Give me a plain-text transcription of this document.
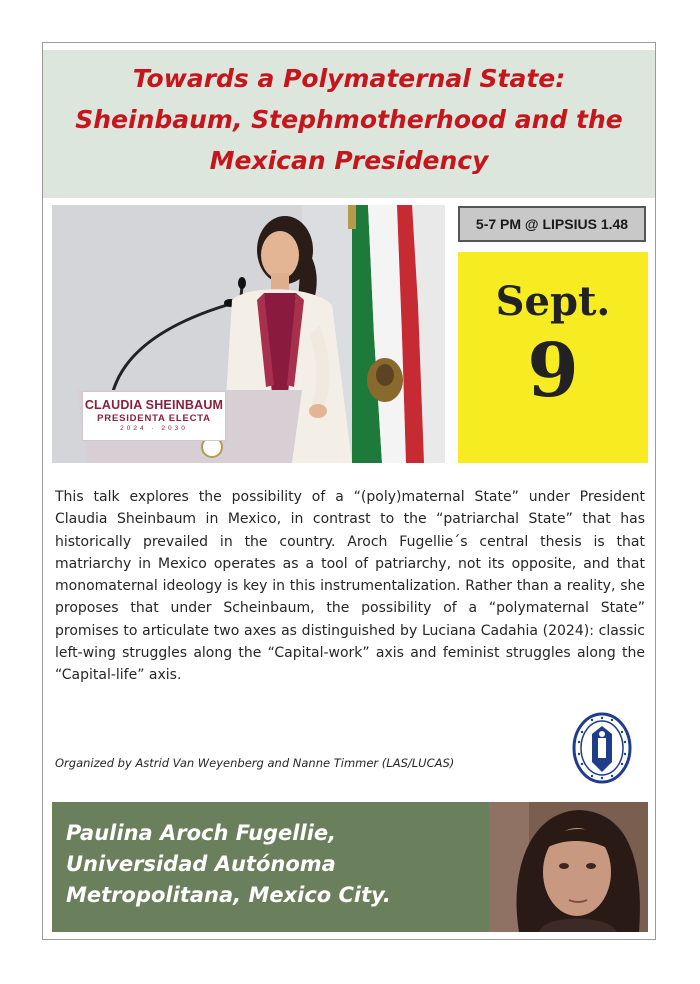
Towards a Polymaternal State:
Sheinbaum, Stephmotherhood and the
Mexican Presidency
CLAUDIA SHEINBAUM
PRESIDENTA ELECTA
2024 · 2030
5-7 PM @ LIPSIUS 1.48
Sept.
9
This talk explores the possibility of a “(poly)maternal State” under President Claudia Sheinbaum in Mexico, in contrast to the “patriarchal State” that has historically prevailed in the country. Aroch Fugellie´s central thesis is that matriarchy in Mexico operates as a tool of patriarchy, not its opposite, and that monomaternal ideology is key in this instrumentalization. Rather than a reality, she proposes that under Scheinbaum, the possibility of a “polymaternal State” promises to articulate two axes as distinguished by Luciana Cadahia (2024): classic left-wing struggles along the “Capital-work” axis and feminist struggles along the “Capital-life” axis.
Organized by Astrid Van Weyenberg and Nanne Timmer (LAS/LUCAS)
Paulina Aroch Fugellie,
Universidad Autónoma
Metropolitana, Mexico City.
